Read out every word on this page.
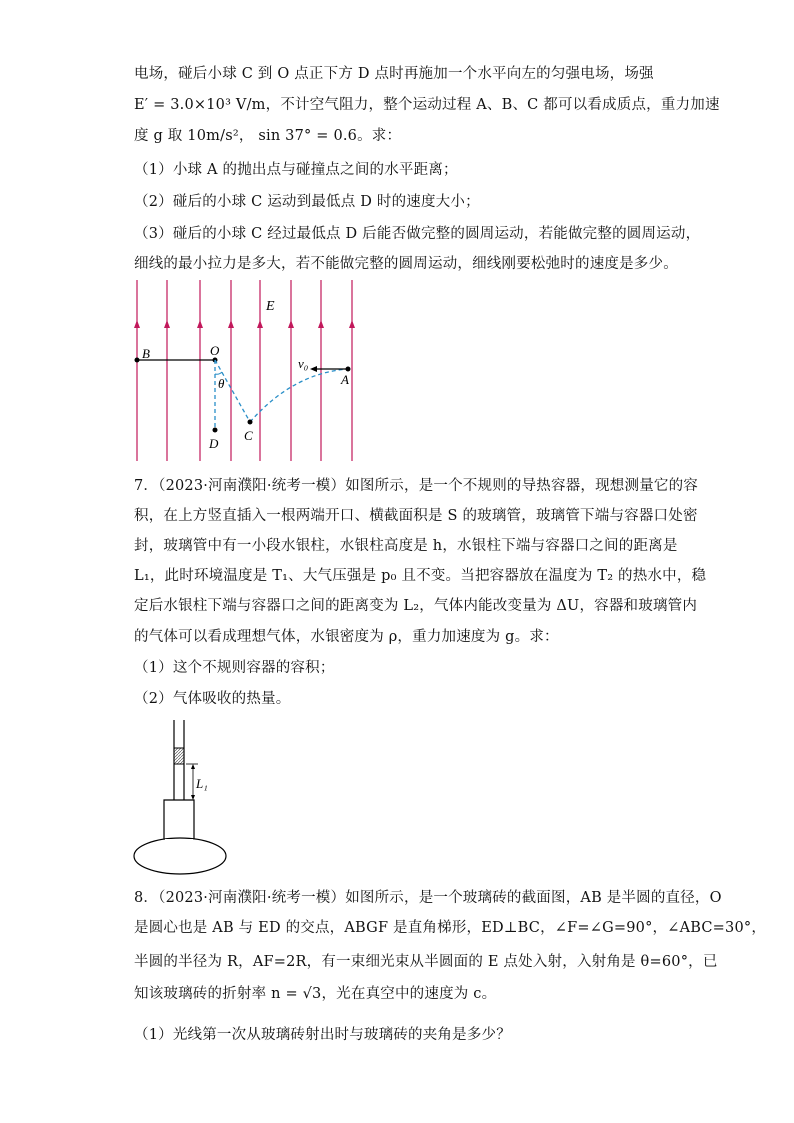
电场，碰后小球 C 到 O 点正下方 D 点时再施加一个水平向左的匀强电场，场强
E′ = 3.0×10³ V/m，不计空气阻力，整个运动过程 A、B、C 都可以看成质点，重力加速
度 g 取 10m/s²， sin 37° = 0.6。求：
（1）小球 A 的抛出点与碰撞点之间的水平距离；
（2）碰后的小球 C 运动到最低点 D 时的速度大小；
（3）碰后的小球 C 经过最低点 D 后能否做完整的圆周运动，若能做完整的圆周运动，
细线的最小拉力是多大，若不能做完整的圆周运动，细线刚要松弛时的速度是多少。
E
B	O
θ
C
D
v₀
A
7．（2023·河南濮阳·统考一模）如图所示，是一个不规则的导热容器，现想测量它的容
积，在上方竖直插入一根两端开口、横截面积是 S 的玻璃管，玻璃管下端与容器口处密
封，玻璃管中有一小段水银柱，水银柱高度是 h，水银柱下端与容器口之间的距离是
L₁，此时环境温度是 T₁、大气压强是 p₀ 且不变。当把容器放在温度为 T₂ 的热水中，稳
定后水银柱下端与容器口之间的距离变为 L₂，气体内能改变量为 ΔU，容器和玻璃管内
的气体可以看成理想气体，水银密度为 ρ，重力加速度为 g。求：
（1）这个不规则容器的容积；
（2）气体吸收的热量。
L₁
8．（2023·河南濮阳·统考一模）如图所示，是一个玻璃砖的截面图，AB 是半圆的直径，O
是圆心也是 AB 与 ED 的交点，ABGF 是直角梯形，ED⊥BC，∠F=∠G=90°，∠ABC=30°，
半圆的半径为 R，AF=2R，有一束细光束从半圆面的 E 点处入射，入射角是 θ=60°，已
知该玻璃砖的折射率 n = √3，光在真空中的速度为 c。
（1）光线第一次从玻璃砖射出时与玻璃砖的夹角是多少？
